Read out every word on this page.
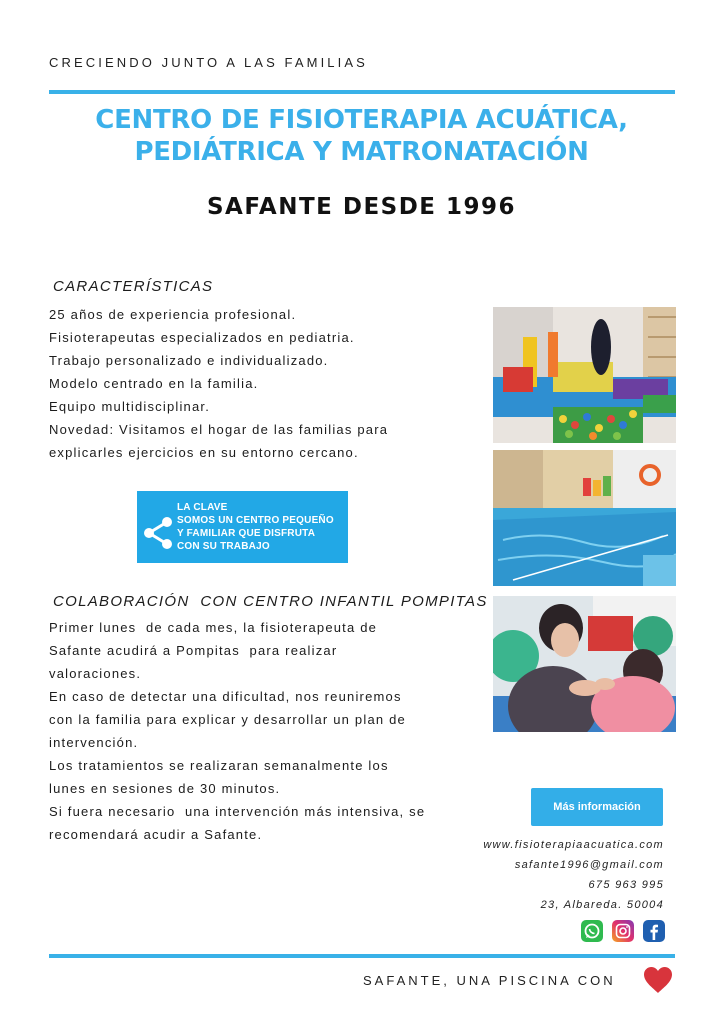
CRECIENDO JUNTO A LAS FAMILIAS
CENTRO DE FISIOTERAPIA ACUÁTICA,
PEDIÁTRICA Y MATRONATACIÓN
SAFANTE DESDE 1996
CARACTERÍSTICAS
25 años de experiencia profesional.
Fisioterapeutas especializados en pediatria.
Trabajo personalizado e individualizado.
Modelo centrado en la familia.
Equipo multidisciplinar.
Novedad: Visitamos el hogar de las familias para
explicarles ejercicios en su entorno cercano.
LA CLAVE
SOMOS UN CENTRO PEQUEÑO
Y FAMILIAR QUE DISFRUTA
CON SU TRABAJO
COLABORACIÓN  CON CENTRO INFANTIL POMPITAS
Primer lunes  de cada mes, la fisioterapeuta de
Safante acudirá a Pompitas  para realizar
valoraciones.
En caso de detectar una dificultad, nos reuniremos
con la familia para explicar y desarrollar un plan de
intervención.
Los tratamientos se realizaran semanalmente los
lunes en sesiones de 30 minutos.
Si fuera necesario  una intervención más intensiva, se
recomendará acudir a Safante.
Más información
www.fisioterapiaacuatica.com
safante1996@gmail.com
675 963 995
23, Albareda. 50004
SAFANTE, UNA PISCINA CON
